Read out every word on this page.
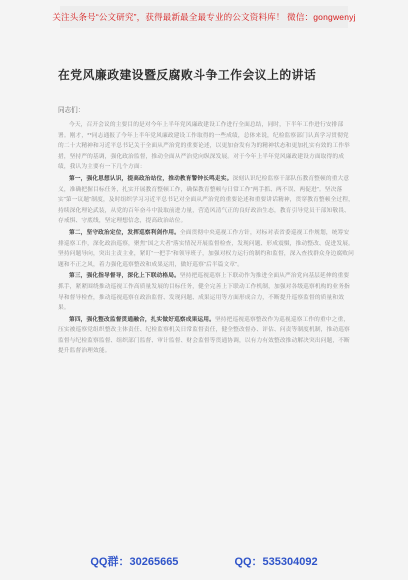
关注头条号“公文研究”，获得最新最全最专业的公文资料库！ 微信：gongwenyj
在党风廉政建设暨反腐败斗争工作会议上的讲话
同志们：

今天，召开会议的主要目的是对今年上半年党风廉政建设工作进行全面总结，同时，下半年工作进行安排部署。刚才，**同志通报了今年上半年党风廉政建设工作取得的一些成绩，总体来说，纪检监察部门认真学习贯彻党的二十大精神和习近平总书记关于全面从严治党的重要论述，以更加奋发有为的精神状态和更加扎实有效的工作举措，坚持严的基调，强化政治监督，推动全面从严治党向纵深发展。对于今年上半年党风廉政建设方面取得的成绩，我认为主要有一下几个方面：

第一，强化思想认识，提高政治站位，推动教育警钟长鸣走实。深刻认识纪检监察干部队伍教育整顿的重大意义，准确把握目标任务，扎实开展教育整顿工作，确保教育整顿与日常工作“两手抓、两不误、两促进”。坚决落实“第一议题”制度，及时组织学习习近平总书记对全面从严治党的重要论述和重要讲话精神，贯穿教育整顿全过程，持续深化理论武装，从党的百年奋斗中汲取前进力量，营造风清气正的良好政治生态，教育引导党员干部知敬畏、存戒惧、守底线，坚定理想信念，提高政治站位。

第二，坚守政治定位，发挥巡察利剑作用。全面贯彻中央巡视工作方针，对标对表省委巡视工作规划，统筹安排巡察工作，深化政治巡察，聚焦“国之大者”落实情况开展监督检查，发现问题、形成震慑，推动整改、促进发展。坚持问题导向，突出主责主业，紧盯“一把手”和领导班子，加强对权力运行的制约和监督，深入查找群众身边腐败问题和不正之风，着力强化巡察整改和成果运用，做好巡察“后半篇文章”。

第三，强化指导督导，深化上下联动格局。坚持把巡视巡察上下联动作为推进全面从严治党向基层延伸的重要抓手，紧紧围绕推动巡视工作高质量发展的目标任务，健全完善上下联动工作机制，加强对各级巡察机构的业务指导和督导检查，推动巡视巡察在政治监督、发现问题、成果运用等方面形成合力，不断提升巡察监督的质量和效果。

第四，强化整改监督贯通融合，扎实做好巡察成果运用。坚持把巡视巡察整改作为巡视巡察工作的重中之重，压实被巡察党组织整改主体责任、纪检监察机关日常监督责任，健全整改督办、评估、问责等制度机制，推动巡察监督与纪检监察监督、组织部门监督、审计监督、财会监督等贯通协调，以有力有效整改推动解决突出问题，不断提升监督治理效能。

QQ群：30265665	QQ：535304092
